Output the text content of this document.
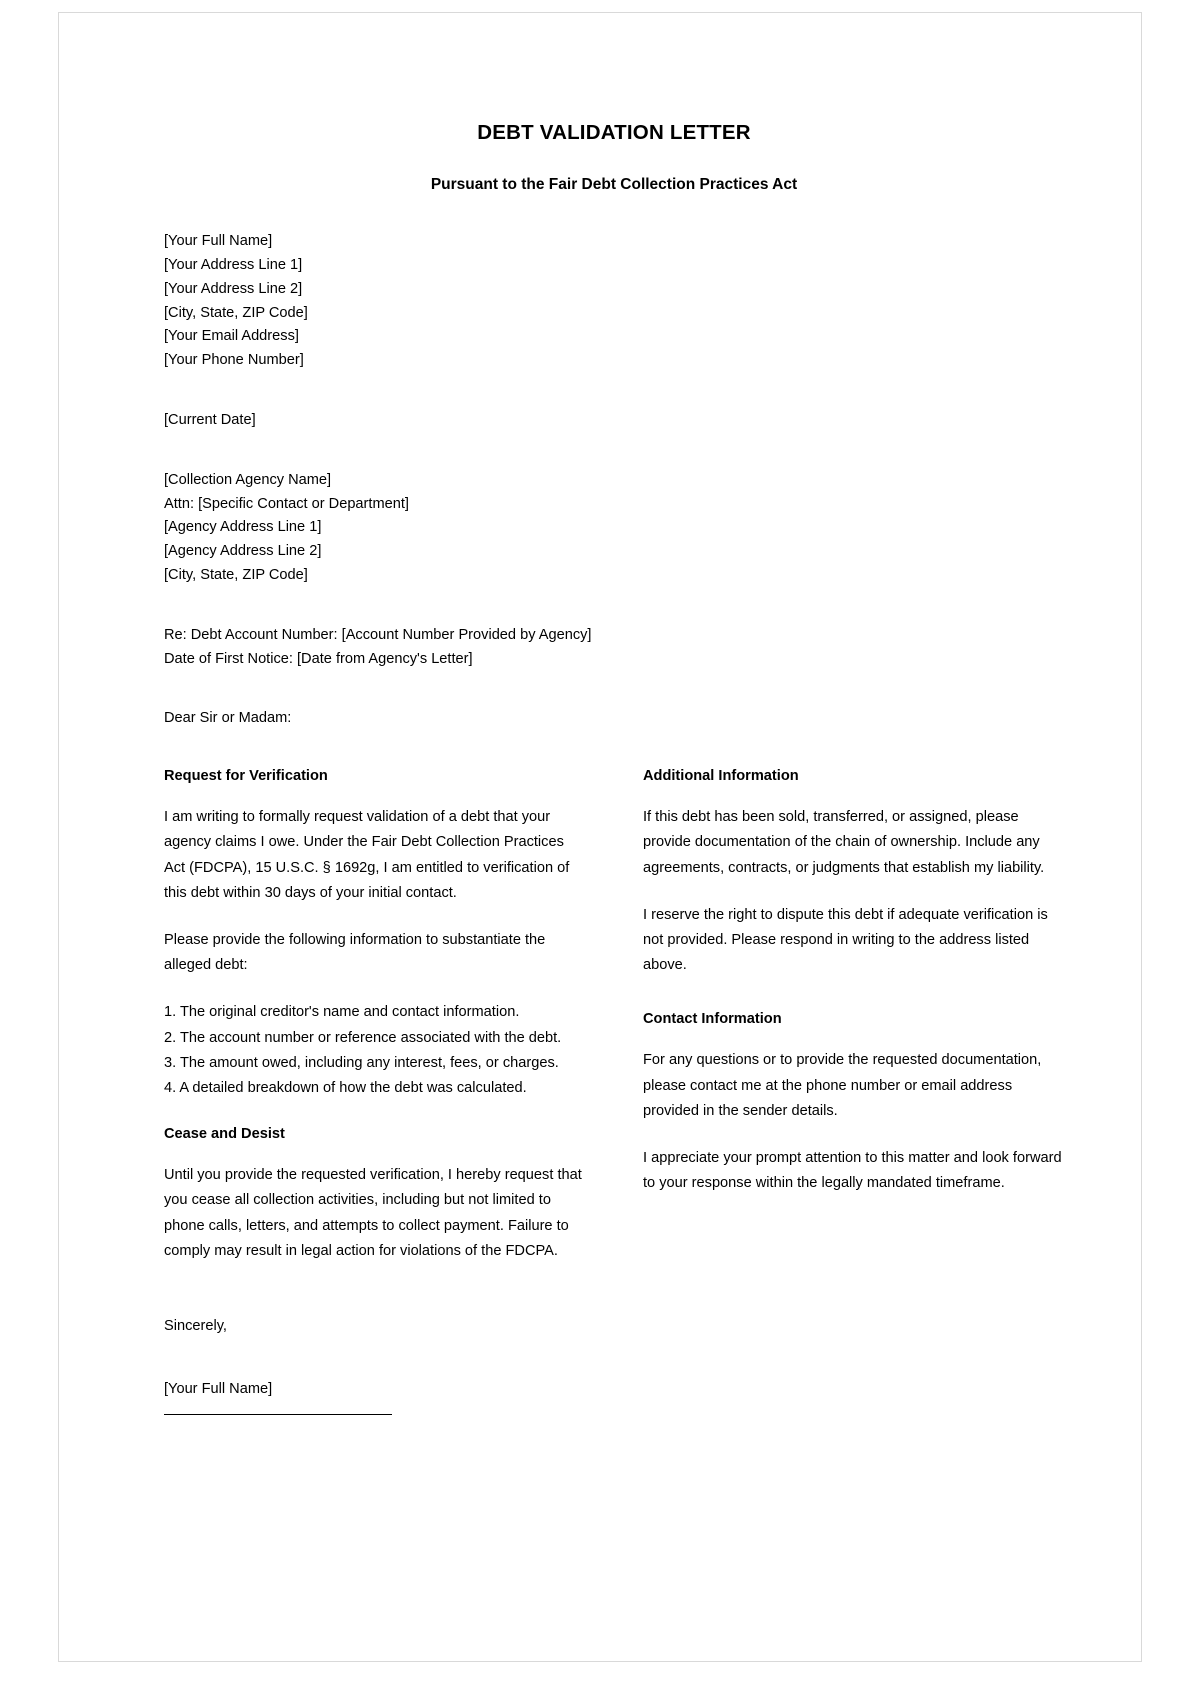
DEBT VALIDATION LETTER
Pursuant to the Fair Debt Collection Practices Act
[Your Full Name]
[Your Address Line 1]
[Your Address Line 2]
[City, State, ZIP Code]
[Your Email Address]
[Your Phone Number]
[Current Date]
[Collection Agency Name]
Attn: [Specific Contact or Department]
[Agency Address Line 1]
[Agency Address Line 2]
[City, State, ZIP Code]
Re: Debt Account Number: [Account Number Provided by Agency]
Date of First Notice: [Date from Agency's Letter]
Dear Sir or Madam:
Request for Verification

I am writing to formally request validation of a debt that your agency claims I owe. Under the Fair Debt Collection Practices Act (FDCPA), 15 U.S.C. § 1692g, I am entitled to verification of this debt within 30 days of your initial contact.

Please provide the following information to substantiate the alleged debt:

1. The original creditor's name and contact information.
2. The account number or reference associated with the debt.
3. The amount owed, including any interest, fees, or charges.
4. A detailed breakdown of how the debt was calculated.
Cease and Desist

Until you provide the requested verification, I hereby request that you cease all collection activities, including but not limited to phone calls, letters, and attempts to collect payment. Failure to comply may result in legal action for violations of the FDCPA.

Additional Information

If this debt has been sold, transferred, or assigned, please provide documentation of the chain of ownership. Include any agreements, contracts, or judgments that establish my liability.

I reserve the right to dispute this debt if adequate verification is not provided. Please respond in writing to the address listed above.

Contact Information

For any questions or to provide the requested documentation, please contact me at the phone number or email address provided in the sender details.

I appreciate your prompt attention to this matter and look forward to your response within the legally mandated timeframe.

Sincerely,
[Your Full Name]
